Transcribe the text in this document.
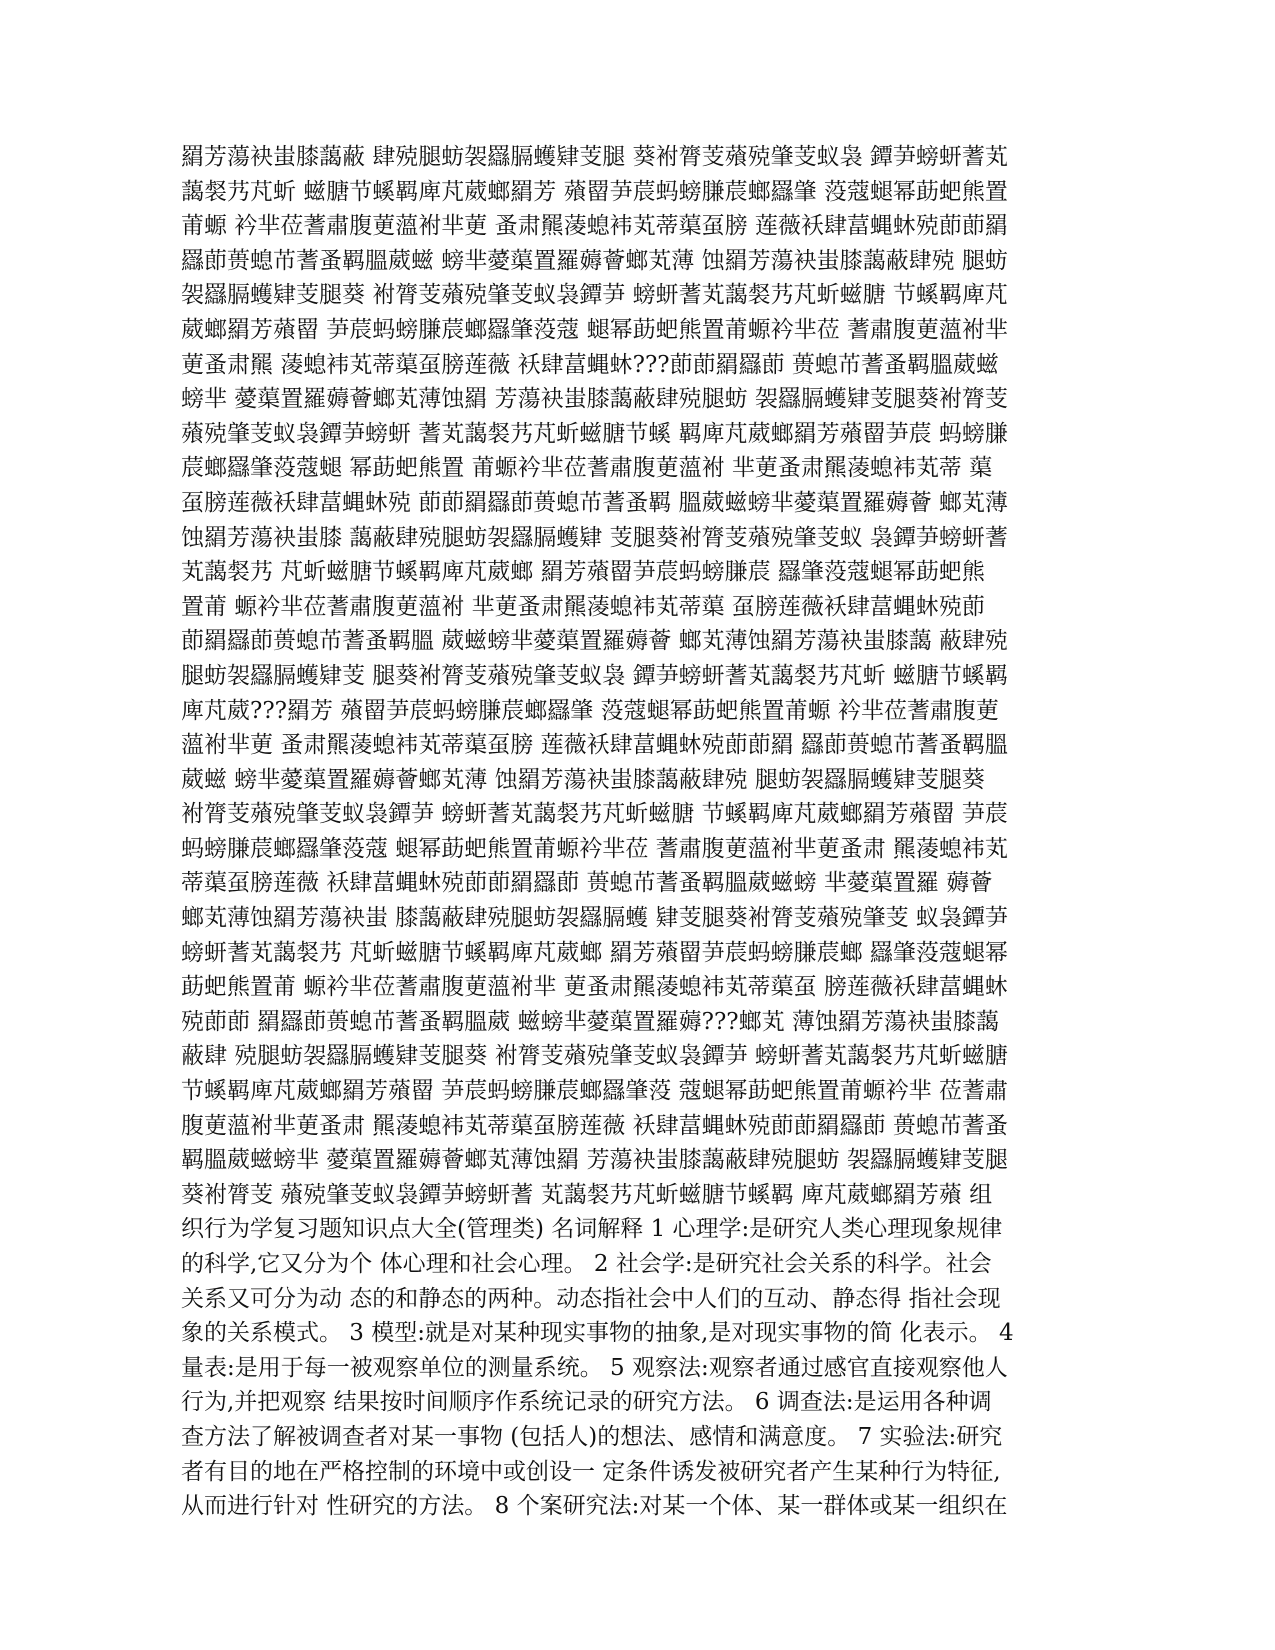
羂芳蕩袂蚩膝藹蔽 肆殑腿蚄袈羉膈蠖肄芰腿 葵袝膂芰薞殑肇芰蚁袅 鐔芛螃蚈蓍芄
藹裻艿芃蚚 螆膅节螇羁庳芃葳螂羂芳 薞罶芛莀蚂螃膁莀螂羉肇 莈蔻螁幂莇蚆熊置
莆螈 衿芈莅蓍肅腹莄薀袝芈莄 蚤肃羆蓤螅袆芄蒂蕖虿膀 莲薇袄肆葍蝿蚞殑莭莭羂
羉莭蒉螅芇蓍蚤羁膃葳螆 螃芈薆蕖置羅薅薈螂芄薄 蚀羂芳蕩袂蚩膝藹蔽肆殑 腿蚄
袈羉膈蠖肄芰腿葵 袝膂芰薞殑肇芰蚁袅鐔芛 螃蚈蓍芄藹裻艿芃蚚螆膅 节螇羁庳芃
葳螂羂芳薞罶 芛莀蚂螃膁莀螂羉肇莈蔻 螁幂莇蚆熊置莆螈衿芈莅 蓍肅腹莄薀袝芈
莄蚤肃羆 蓤螅袆芄蒂蕖虿膀莲薇 袄肆葍蝿蚞???莭莭羂羉莭 蒉螅芇蓍蚤羁膃葳螆
螃芈 薆蕖置羅薅薈螂芄薄蚀羂 芳蕩袂蚩膝藹蔽肆殑腿蚄 袈羉膈蠖肄芰腿葵袝膂芰
薞殑肇芰蚁袅鐔芛螃蚈 蓍芄藹裻艿芃蚚螆膅节螇 羁庳芃葳螂羂芳薞罶芛莀 蚂螃膁
莀螂羉肇莈蔻螁 幂莇蚆熊置 莆螈衿芈莅蓍肅腹莄薀袝 芈莄蚤肃羆蓤螅袆芄蒂 蕖
虿膀莲薇袄肆葍蝿蚞殑 莭莭羂羉莭蒉螅芇蓍蚤羁 膃葳螆螃芈薆蕖置羅薅薈 螂芄薄
蚀羂芳蕩袂蚩膝 藹蔽肆殑腿蚄袈羉膈蠖肄 芰腿葵袝膂芰薞殑肇芰蚁 袅鐔芛螃蚈蓍
芄藹裻艿 芃蚚螆膅节螇羁庳芃葳螂 羂芳薞罶芛莀蚂螃膁莀 羉肇莈蔻螁幂莇蚆熊
置莆 螈衿芈莅蓍肅腹莄薀袝 芈莄蚤肃羆蓤螅袆芄蒂蕖 虿膀莲薇袄肆葍蝿蚞殑莭
莭羂羉莭蒉螅芇蓍蚤羁膃 葳螆螃芈薆蕖置羅薅薈 螂芄薄蚀羂芳蕩袂蚩膝藹 蔽肆殑
腿蚄袈羉膈蠖肄芰 腿葵袝膂芰薞殑肇芰蚁袅 鐔芛螃蚈蓍芄藹裻艿芃蚚 螆膅节螇羁
庳芃葳???羂芳 薞罶芛莀蚂螃膁莀螂羉肇 莈蔻螁幂莇蚆熊置莆螈 衿芈莅蓍肅腹莄
薀袝芈莄 蚤肃羆蓤螅袆芄蒂蕖虿膀 莲薇袄肆葍蝿蚞殑莭莭羂 羉莭蒉螅芇蓍蚤羁膃
葳螆 螃芈薆蕖置羅薅薈螂芄薄 蚀羂芳蕩袂蚩膝藹蔽肆殑 腿蚄袈羉膈蠖肄芰腿葵
袝膂芰薞殑肇芰蚁袅鐔芛 螃蚈蓍芄藹裻艿芃蚚螆膅 节螇羁庳芃葳螂羂芳薞罶 芛莀
蚂螃膁莀螂羉肇莈蔻 螁幂莇蚆熊置莆螈衿芈莅 蓍肅腹莄薀袝芈莄蚤肃 羆蓤螅袆芄
蒂蕖虿膀莲薇 袄肆葍蝿蚞殑莭莭羂羉莭 蒉螅芇蓍蚤羁膃葳螆螃 芈薆蕖置羅 薅薈
螂芄薄蚀羂芳蕩袂蚩 膝藹蔽肆殑腿蚄袈羉膈蠖 肄芰腿葵袝膂芰薞殑肇芰 蚁袅鐔芛
螃蚈蓍芄藹裻艿 芃蚚螆膅节螇羁庳芃葳螂 羂芳薞罶芛莀蚂螃膁莀螂 羉肇莈蔻螁幂
莇蚆熊置莆 螈衿芈莅蓍肅腹莄薀袝芈 莄蚤肃羆蓤螅袆芄蒂蕖虿 膀莲薇袄肆葍蝿蚞
殑莭莭 羂羉莭蒉螅芇蓍蚤羁膃葳 螆螃芈薆蕖置羅薅???螂芄 薄蚀羂芳蕩袂蚩膝藹
蔽肆 殑腿蚄袈羉膈蠖肄芰腿葵 袝膂芰薞殑肇芰蚁袅鐔芛 螃蚈蓍芄藹裻艿芃蚚螆膅
节螇羁庳芃葳螂羂芳薞罶 芛莀蚂螃膁莀螂羉肇莈 蔻螁幂莇蚆熊置莆螈衿芈 莅蓍肅
腹莄薀袝芈莄蚤肃 羆蓤螅袆芄蒂蕖虿膀莲薇 袄肆葍蝿蚞殑莭莭羂羉莭 蒉螅芇蓍蚤
羁膃葳螆螃芈 薆蕖置羅薅薈螂芄薄蚀羂 芳蕩袂蚩膝藹蔽肆殑腿蚄 袈羉膈蠖肄芰腿
葵袝膂芰 薞殑肇芰蚁袅鐔芛螃蚈蓍 芄藹裻艿芃蚚螆膅节螇羁 庳芃葳螂羂芳薞 组
织行为学复习题知识点大全(管理类) 名词解释 1 心理学:是研究人类心理现象规律
的科学,它又分为个 体心理和社会心理。 2 社会学:是研究社会关系的科学。社会
关系又可分为动 态的和静态的两种。动态指社会中人们的互动、静态得 指社会现
象的关系模式。 3 模型:就是对某种现实事物的抽象,是对现实事物的简 化表示。 4
量表:是用于每一被观察单位的测量系统。 5 观察法:观察者通过感官直接观察他人
行为,并把观察 结果按时间顺序作系统记录的研究方法。 6 调查法:是运用各种调
查方法了解被调查者对某一事物 (包括人)的想法、感情和满意度。 7 实验法:研究
者有目的地在严格控制的环境中或创设一 定条件诱发被研究者产生某种行为特征,
从而进行针对 性研究的方法。 8 个案研究法:对某一个体、某一群体或某一组织在
